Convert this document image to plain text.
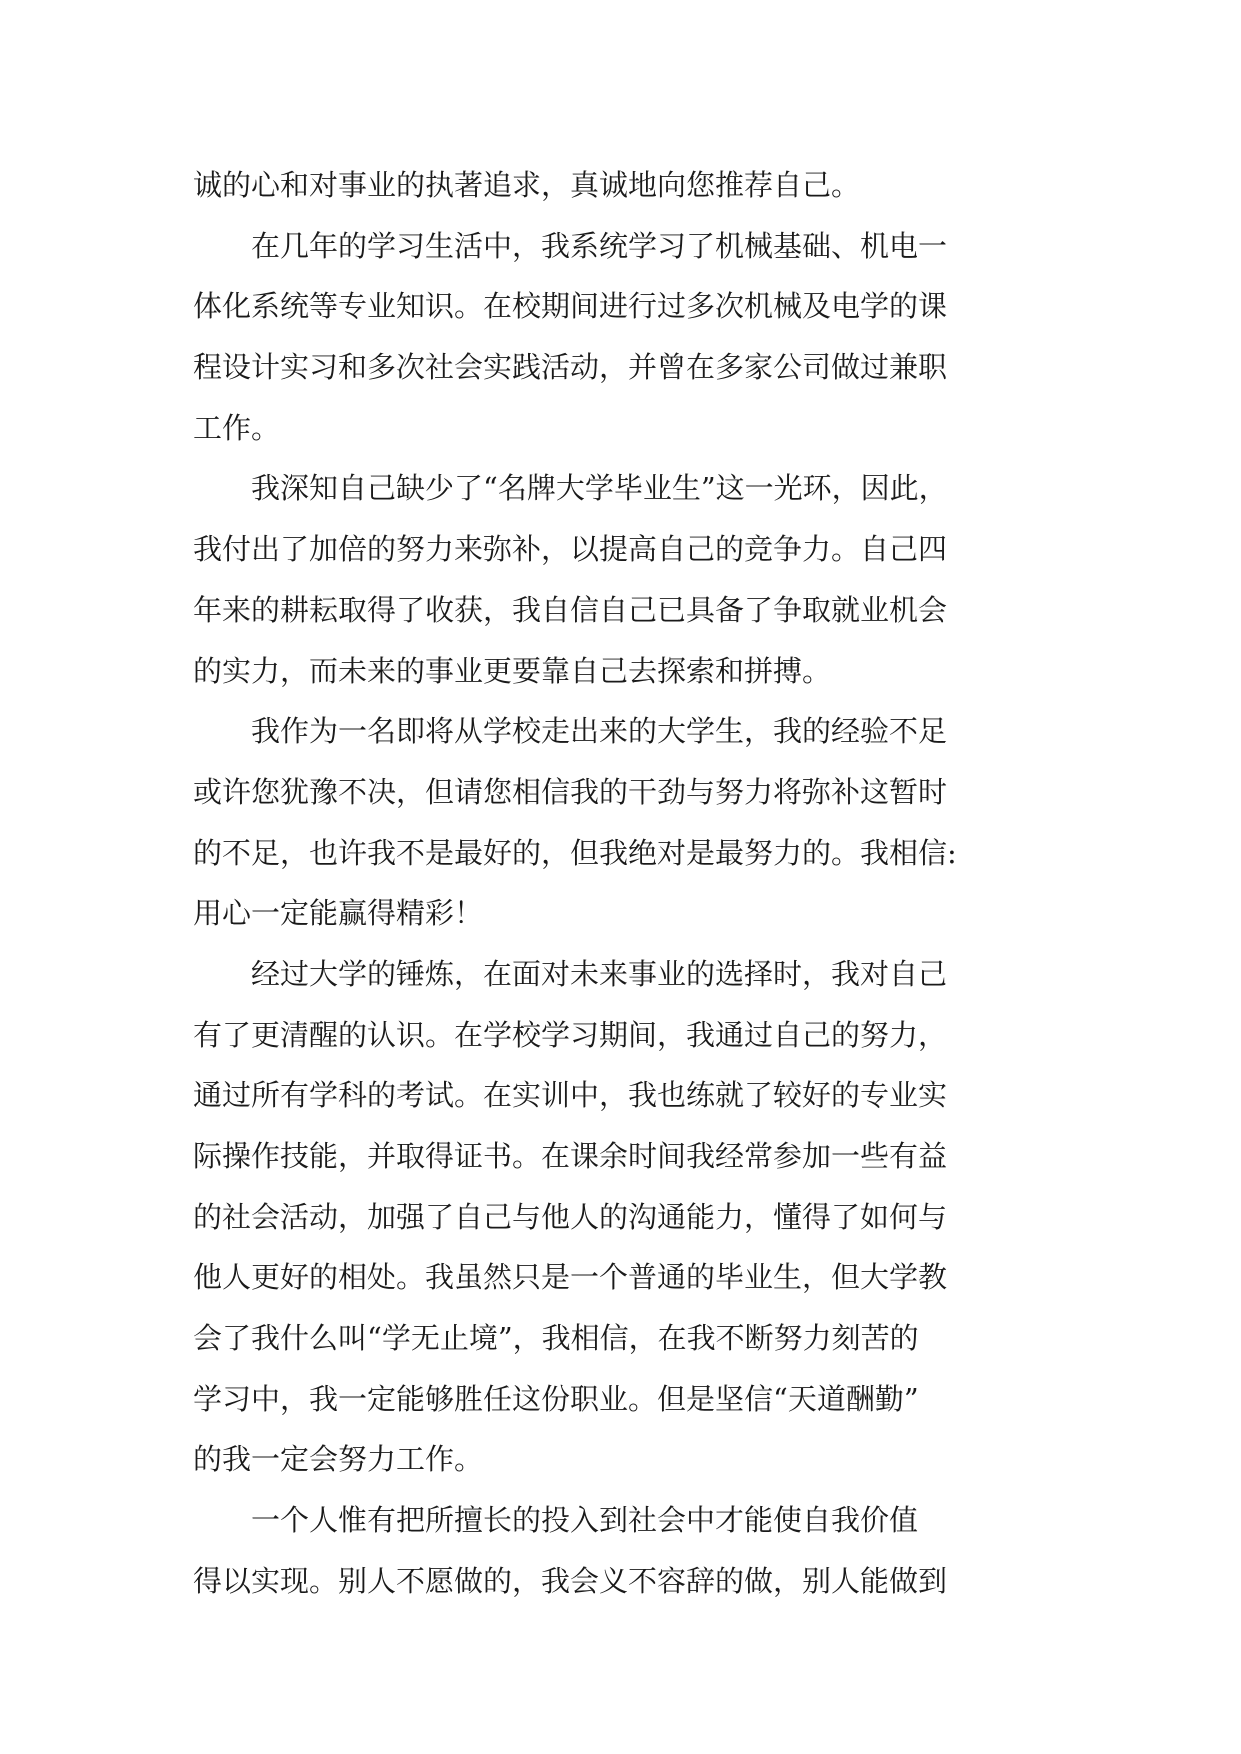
诚的心和对事业的执著追求，真诚地向您推荐自己。
　　在几年的学习生活中，我系统学习了机械基础、机电一
体化系统等专业知识。在校期间进行过多次机械及电学的课
程设计实习和多次社会实践活动，并曾在多家公司做过兼职
工作。
　　我深知自己缺少了“名牌大学毕业生”这一光环，因此，
我付出了加倍的努力来弥补，以提高自己的竞争力。自己四
年来的耕耘取得了收获，我自信自己已具备了争取就业机会
的实力，而未来的事业更要靠自己去探索和拼搏。
　　我作为一名即将从学校走出来的大学生，我的经验不足
或许您犹豫不决，但请您相信我的干劲与努力将弥补这暂时
的不足，也许我不是最好的，但我绝对是最努力的。我相信:
用心一定能赢得精彩！
　　经过大学的锤炼，在面对未来事业的选择时，我对自己
有了更清醒的认识。在学校学习期间，我通过自己的努力，
通过所有学科的考试。在实训中，我也练就了较好的专业实
际操作技能，并取得证书。在课余时间我经常参加一些有益
的社会活动，加强了自己与他人的沟通能力，懂得了如何与
他人更好的相处。我虽然只是一个普通的毕业生，但大学教
会了我什么叫“学无止境”，我相信，在我不断努力刻苦的
学习中，我一定能够胜任这份职业。但是坚信“天道酬勤”
的我一定会努力工作。
　　一个人惟有把所擅长的投入到社会中才能使自我价值
得以实现。别人不愿做的，我会义不容辞的做，别人能做到
